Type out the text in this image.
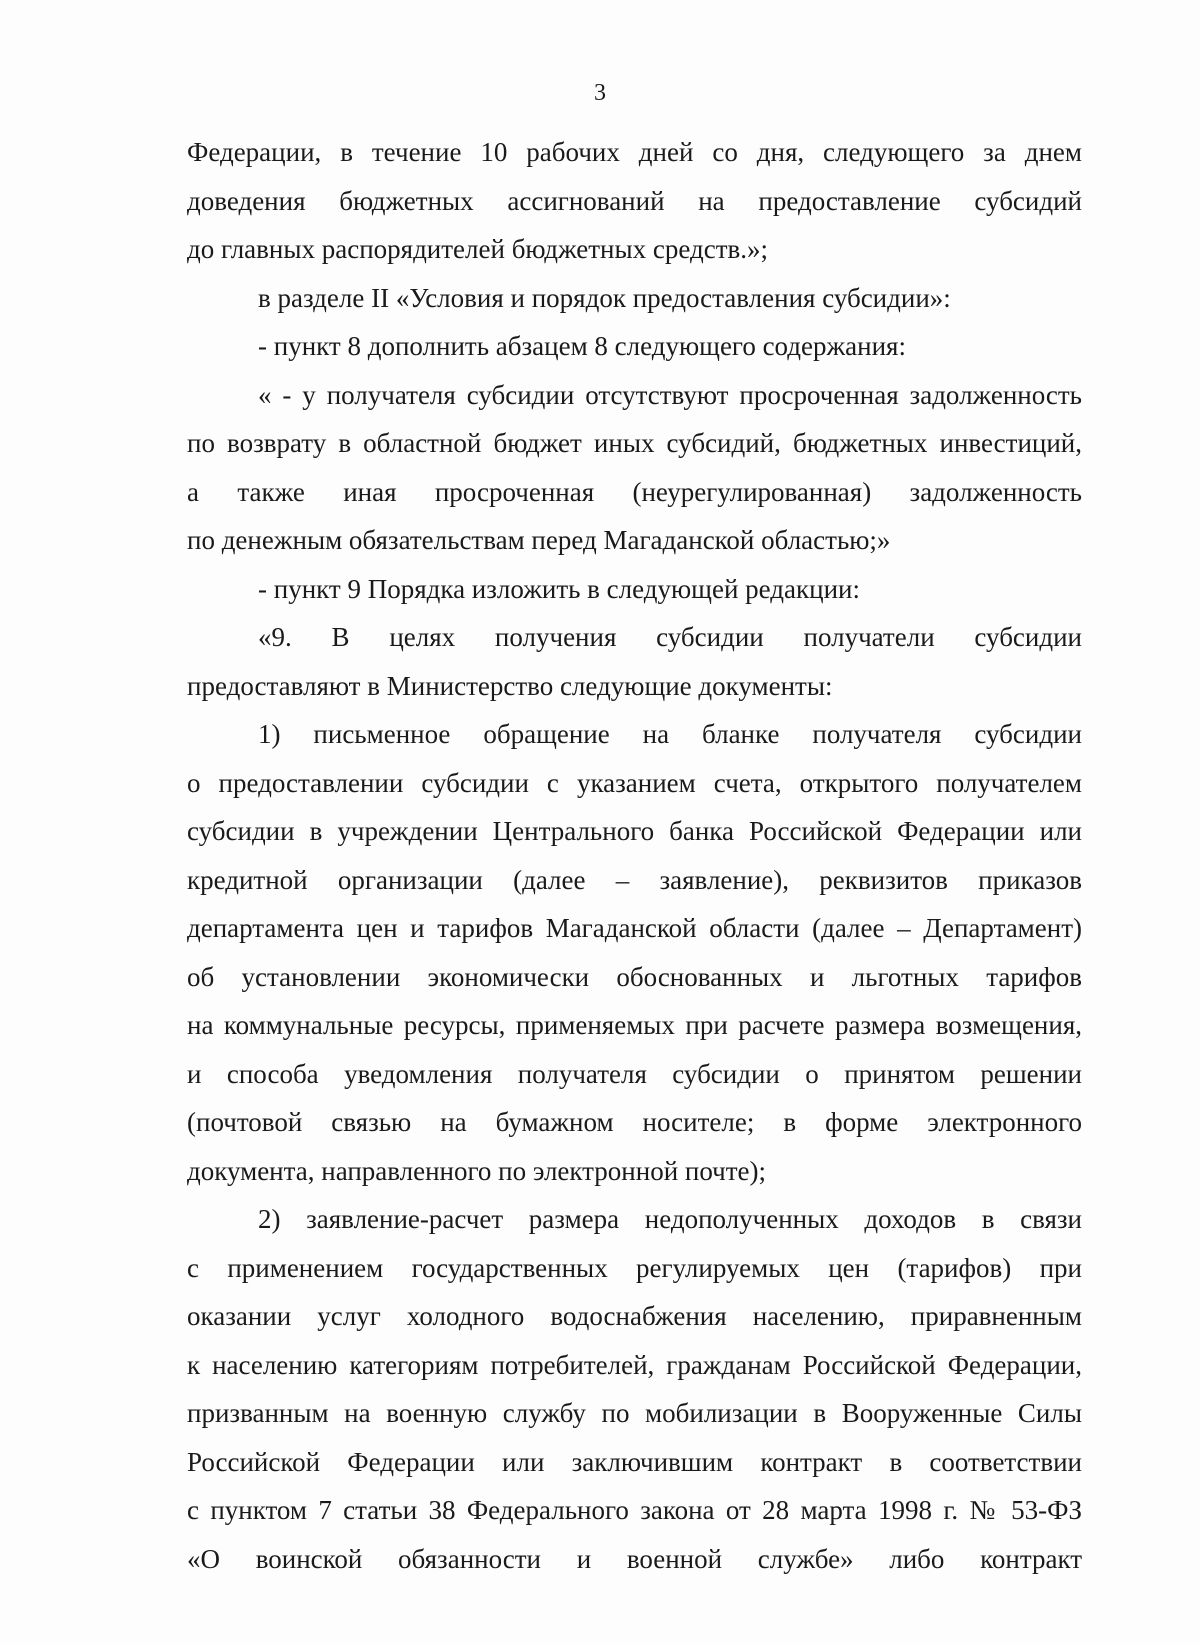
3
Федерации, в течение 10 рабочих дней со дня, следующего за днем
доведения бюджетных ассигнований на предоставление субсидий
до главных распорядителей бюджетных средств.»;
в разделе II «Условия и порядок предоставления субсидии»:
- пункт 8 дополнить абзацем 8 следующего содержания:
« - у получателя субсидии отсутствуют просроченная задолженность
по возврату в областной бюджет иных субсидий, бюджетных инвестиций,
а также иная просроченная (неурегулированная) задолженность
по денежным обязательствам перед Магаданской областью;»
- пункт 9 Порядка изложить в следующей редакции:
«9. В целях получения субсидии получатели субсидии
предоставляют в Министерство следующие документы:
1) письменное обращение на бланке получателя субсидии
о предоставлении субсидии с указанием счета, открытого получателем
субсидии в учреждении Центрального банка Российской Федерации или
кредитной организации (далее – заявление), реквизитов приказов
департамента цен и тарифов Магаданской области (далее – Департамент)
об установлении экономически обоснованных и льготных тарифов
на коммунальные ресурсы, применяемых при расчете размера возмещения,
и способа уведомления получателя субсидии о принятом решении
(почтовой связью на бумажном носителе; в форме электронного
документа, направленного по электронной почте);
2) заявление-расчет размера недополученных доходов в связи
с применением государственных регулируемых цен (тарифов) при
оказании услуг холодного водоснабжения населению, приравненным
к населению категориям потребителей, гражданам Российской Федерации,
призванным на военную службу по мобилизации в Вооруженные Силы
Российской Федерации или заключившим контракт в соответствии
с пунктом 7 статьи 38 Федерального закона от 28 марта 1998 г. № 53-ФЗ
«О воинской обязанности и военной службе» либо контракт
